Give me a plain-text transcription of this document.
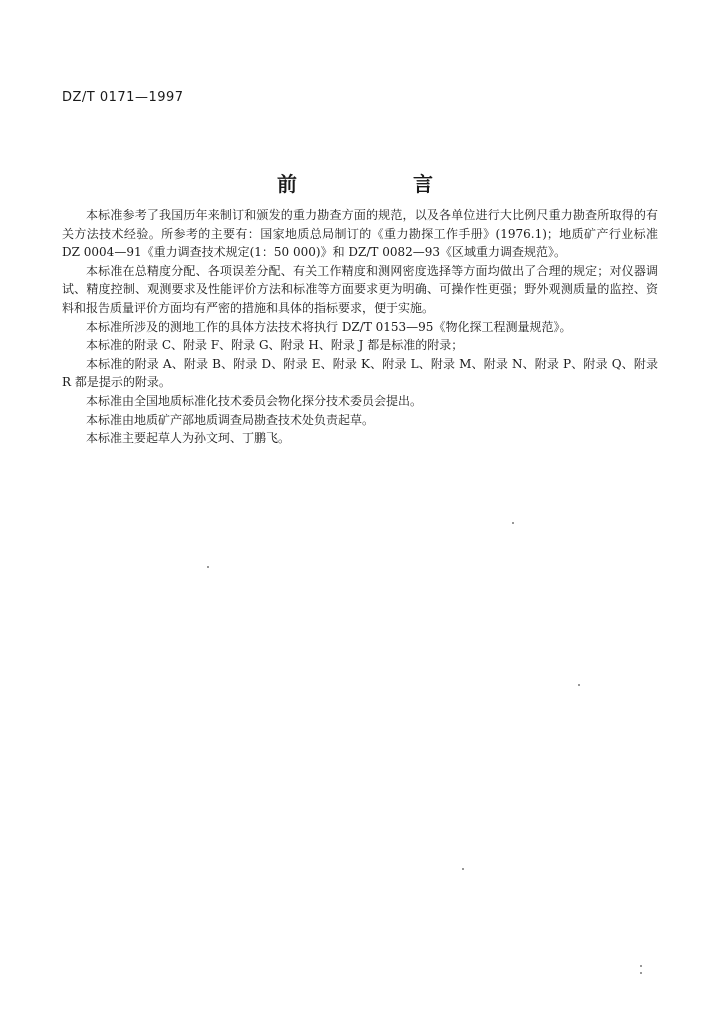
DZ/T 0171—1997
前　言

本标准参考了我国历年来制订和颁发的重力勘查方面的规范，以及各单位进行大比例尺重力勘查所取得的有关方法技术经验。所参考的主要有：国家地质总局制订的《重力勘探工作手册》(1976.1)；地质矿产行业标准 DZ 0004—91《重力调查技术规定(1：50 000)》和 DZ/T 0082—93《区域重力调查规范》。

本标准在总精度分配、各项误差分配、有关工作精度和测网密度选择等方面均做出了合理的规定；对仪器调试、精度控制、观测要求及性能评价方法和标准等方面要求更为明确、可操作性更强；野外观测质量的监控、资料和报告质量评价方面均有严密的措施和具体的指标要求，便于实施。

本标准所涉及的测地工作的具体方法技术将执行 DZ/T 0153—95《物化探工程测量规范》。

本标准的附录 C、附录 F、附录 G、附录 H、附录 J 都是标准的附录；

本标准的附录 A、附录 B、附录 D、附录 E、附录 K、附录 L、附录 M、附录 N、附录 P、附录 Q、附录 R 都是提示的附录。

本标准由全国地质标准化技术委员会物化探分技术委员会提出。

本标准由地质矿产部地质调查局勘查技术处负责起草。

本标准主要起草人为孙文珂、丁鹏飞。
